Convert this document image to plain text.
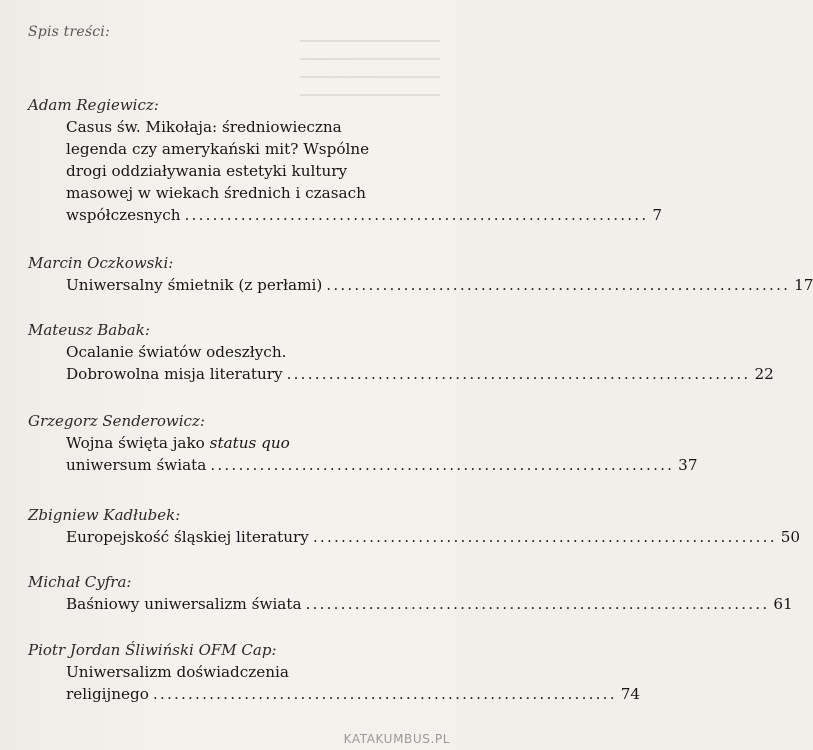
Spis treści:
Adam Regiewicz:
Casus św. Mikołaja: średniowieczna
legenda czy amerykański mit? Wspólne
drogi oddziaływania estetyki kultury
masowej w wiekach średnich i czasach
współczesnych .................................................................. 7
Marcin Oczkowski:
Uniwersalny śmietnik (z perłami) .................................................................. 17
Mateusz Babak:
Ocalanie światów odeszłych.
Dobrowolna misja literatury .................................................................. 22
Grzegorz Senderowicz:
Wojna święta jako status quo
uniwersum świata .................................................................. 37
Zbigniew Kadłubek:
Europejskość śląskiej literatury .................................................................. 50
Michał Cyfra:
Baśniowy uniwersalizm świata .................................................................. 61
Piotr Jordan Śliwiński OFM Cap:
Uniwersalizm doświadczenia
religijnego .................................................................. 74
KATAKUMBUS.PL
